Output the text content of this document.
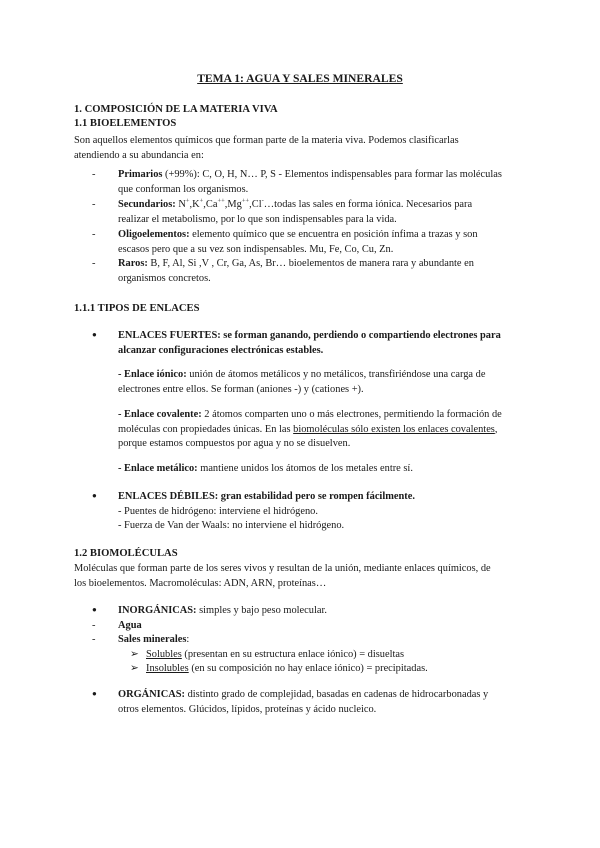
TEMA 1: AGUA Y SALES MINERALES
1. COMPOSICIÓN DE LA MATERIA VIVA
1.1 BIOELEMENTOS
Son aquellos elementos químicos que forman parte de la materia viva. Podemos clasificarlas
atendiendo a su abundancia en:
-	Primarios (+99%): C, O, H, N… P, S - Elementos indispensables para formar las moléculas
que conforman los organismos.
-	Secundarios: N+,K+,Ca++,Mg++,Cl-…todas las sales en forma iónica. Necesarios para
realizar el metabolismo, por lo que son indispensables para la vida.
-	Oligoelementos: elemento químico que se encuentra en posición ínfima a trazas y son
escasos pero que a su vez son indispensables. Mu, Fe, Co, Cu, Zn.
-	Raros: B, F, Al, Si ,V , Cr, Ga, As, Br… bioelementos de manera rara y abundante en
organismos concretos.
1.1.1 TIPOS DE ENLACES
● ENLACES FUERTES: se forman ganando, perdiendo o compartiendo electrones para
alcanzar configuraciones electrónicas estables.
- Enlace iónico: unión de átomos metálicos y no metálicos, transfiriéndose una carga de
electrones entre ellos. Se forman (aniones -) y (cationes +).
- Enlace covalente: 2 átomos comparten uno o más electrones, permitiendo la formación de
moléculas con propiedades únicas. En las biomoléculas sólo existen los enlaces covalentes,
porque estamos compuestos por agua y no se disuelven.
- Enlace metálico: mantiene unidos los átomos de los metales entre sí.
● ENLACES DÉBILES: gran estabilidad pero se rompen fácilmente.
- Puentes de hidrógeno: interviene el hidrógeno.
- Fuerza de Van der Waals: no interviene el hidrógeno.
1.2 BIOMOLÉCULAS
Moléculas que forman parte de los seres vivos y resultan de la unión, mediante enlaces químicos, de
los bioelementos. Macromoléculas: ADN, ARN, proteínas…
● INORGÁNICAS: simples y bajo peso molecular.
-	Agua
-	Sales minerales:
➢ Solubles (presentan en su estructura enlace iónico) = disueltas
➢ Insolubles (en su composición no hay enlace iónico) = precipitadas.
● ORGÁNICAS: distinto grado de complejidad, basadas en cadenas de hidrocarbonadas y
otros elementos. Glúcidos, lípidos, proteínas y ácido nucleico.
